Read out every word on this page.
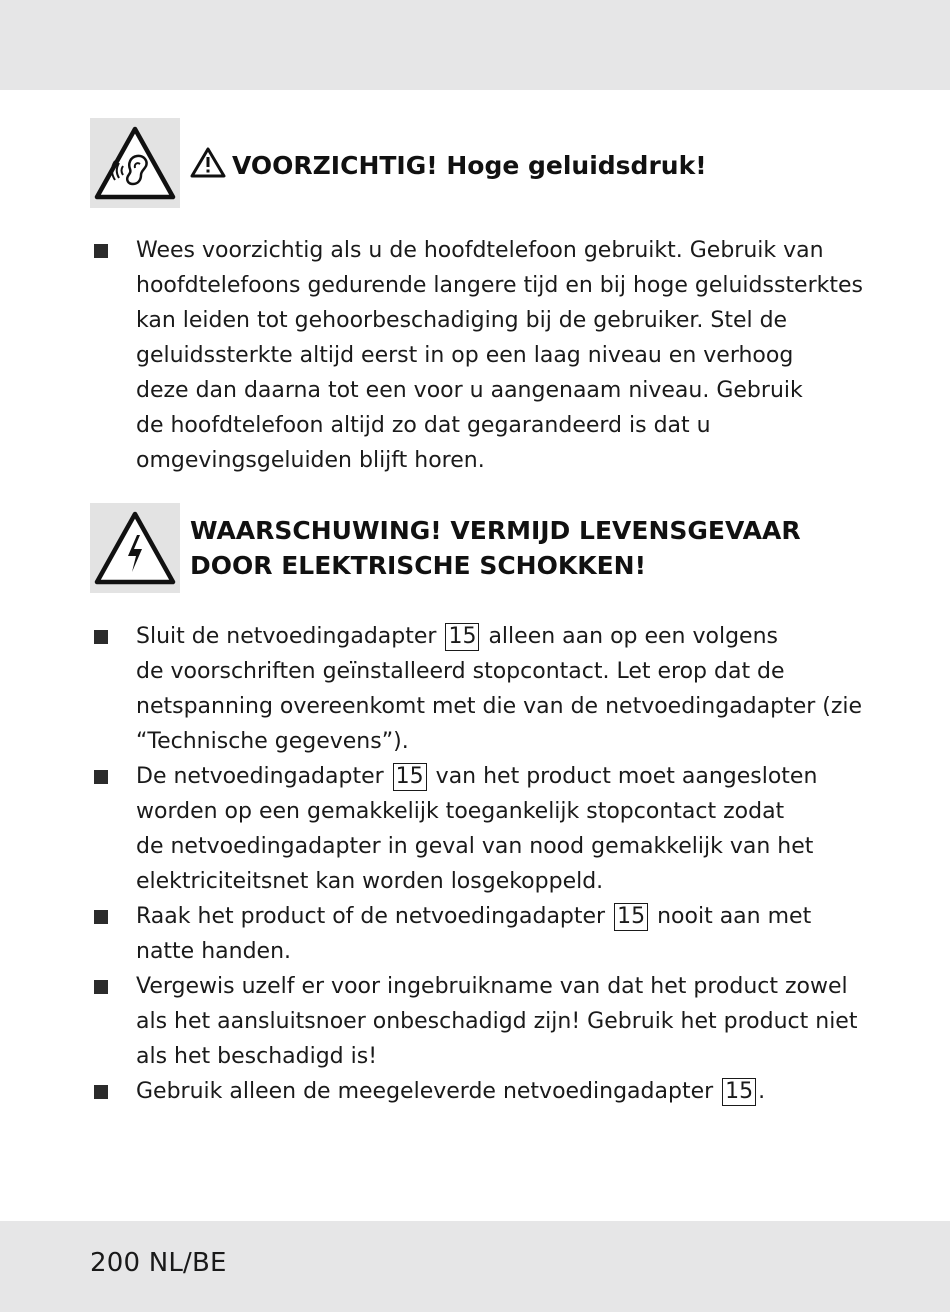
VOORZICHTIG! Hoge geluidsdruk!
Wees voorzichtig als u de hoofdtelefoon gebruikt. Gebruik van
hoofdtelefoons gedurende langere tijd en bij hoge geluidssterktes
kan leiden tot gehoorbeschadiging bij de gebruiker. Stel de
geluidssterkte altijd eerst in op een laag niveau en verhoog
deze dan daarna tot een voor u aangenaam niveau. Gebruik
de hoofdtelefoon altijd zo dat gegarandeerd is dat u
omgevingsgeluiden blijft horen.
WAARSCHUWING! VERMIJD LEVENSGEVAAR
DOOR ELEKTRISCHE SCHOKKEN!
Sluit de netvoedingadapter 15 alleen aan op een volgens
de voorschriften geïnstalleerd stopcontact. Let erop dat de
netspanning overeenkomt met die van de netvoedingadapter (zie
“Technische gegevens”).
De netvoedingadapter 15 van het product moet aangesloten
worden op een gemakkelijk toegankelijk stopcontact zodat
de netvoedingadapter in geval van nood gemakkelijk van het
elektriciteitsnet kan worden losgekoppeld.
Raak het product of de netvoedingadapter 15 nooit aan met
natte handen.
Vergewis uzelf er voor ingebruikname van dat het product zowel
als het aansluitsnoer onbeschadigd zijn! Gebruik het product niet
als het beschadigd is!
Gebruik alleen de meegeleverde netvoedingadapter 15 .
200 NL/BE
